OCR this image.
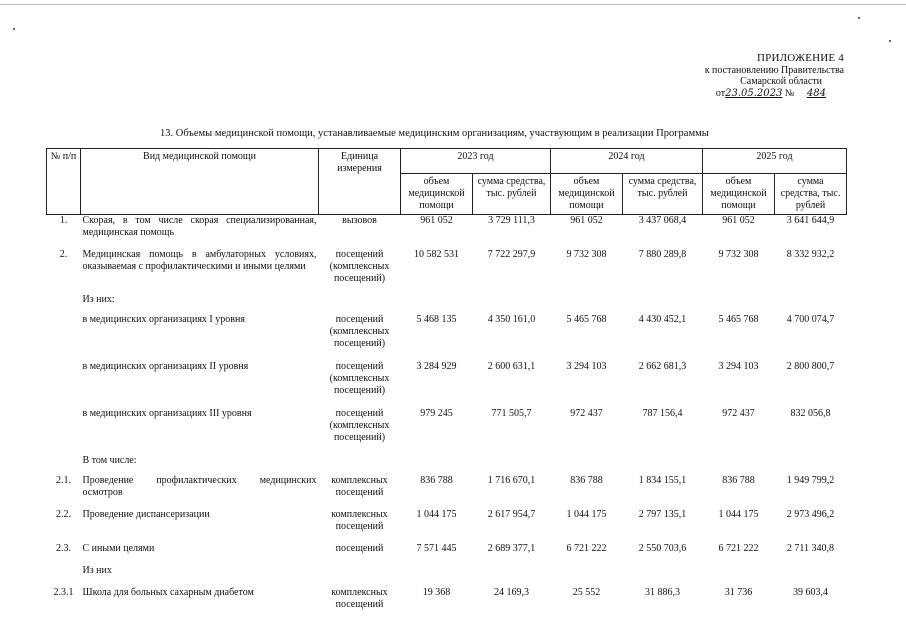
ПРИЛОЖЕНИЕ 4
к постановлению Правительства
Самарской области
от23.05.2023 № 484
13. Объемы медицинской помощи, устанавливаемые медицинским организациям, участвующим в реализации Программы
№ п/п	Вид медицинской помощи	Единица измерения	2023 год		2024 год		2025 год	
			объем медицинской помощи	сумма средства, тыс. рублей	объем медицинской помощи	сумма средства, тыс. рублей	объем медицинской помощи	сумма средства, тыс. рублей
1.	Скорая, в том числе скорая специализированная, медицинская помощь	вызовов	961 052	3 729 111,3	961 052	3 437 068,4	961 052	3 641 644,9
2.	Медицинская помощь в амбулаторных условиях, оказываемая с профилактическими и иными целями	посещений (комплексных посещений)	10 582 531	7 722 297,9	9 732 308	7 880 289,8	9 732 308	8 332 932,2
	Из них:							
	в медицинских организациях I уровня	посещений (комплексных посещений)	5 468 135	4 350 161,0	5 465 768	4 430 452,1	5 465 768	4 700 074,7
	в медицинских организациях II уровня	посещений (комплексных посещений)	3 284 929	2 600 631,1	3 294 103	2 662 681,3	3 294 103	2 800 800,7
	в медицинских организациях III уровня	посещений (комплексных посещений)	979 245	771 505,7	972 437	787 156,4	972 437	832 056,8
	В том числе:							
2.1.	Проведение профилактических медицинских осмотров	комплексных посещений	836 788	1 716 670,1	836 788	1 834 155,1	836 788	1 949 799,2
2.2.	Проведение диспансеризации	комплексных посещений	1 044 175	2 617 954,7	1 044 175	2 797 135,1	1 044 175	2 973 496,2
2.3.	С иными целями	посещений	7 571 445	2 689 377,1	6 721 222	2 550 703,6	6 721 222	2 711 340,8
	Из них							
2.3.1	Школа для больных сахарным диабетом	комплексных посещений	19 368	24 169,3	25 552	31 886,3	31 736	39 603,4
